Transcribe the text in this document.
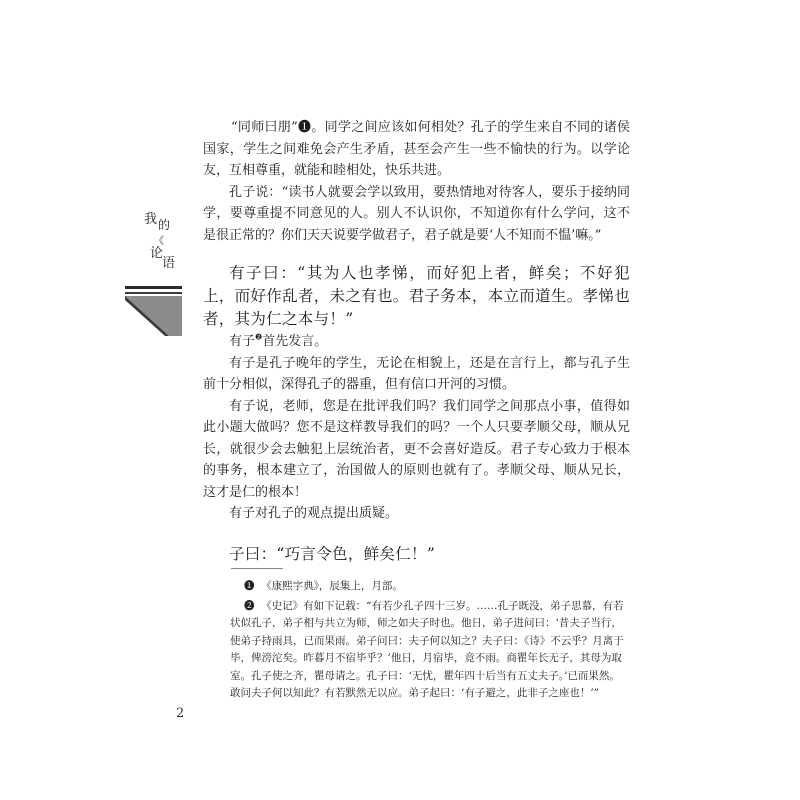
我 的
《
论
语

“同师曰朋”❶。同学之间应该如何相处？孔子的学生来自不同的诸侯国家，学生之间难免会产生矛盾，甚至会产生一些不愉快的行为。以学论友，互相尊重，就能和睦相处，快乐共进。

孔子说：“读书人就要会学以致用，要热情地对待客人，要乐于接纳同学，要尊重提不同意见的人。别人不认识你，不知道你有什么学问，这不是很正常的？你们天天说要学做君子，君子就是要‘人不知而不愠’嘛。”

有子曰：“其为人也孝悌，而好犯上者，鲜矣；不好犯上，而好作乱者，未之有也。君子务本，本立而道生。孝悌也者，其为仁之本与！”

有子$^❷$首先发言。

有子是孔子晚年的学生，无论在相貌上，还是在言行上，都与孔子生前十分相似，深得孔子的器重，但有信口开河的习惯。

有子说，老师，您是在批评我们吗？我们同学之间那点小事，值得如此小题大做吗？您不是这样教导我们的吗？一个人只要孝顺父母，顺从兄长，就很少会去触犯上层统治者，更不会喜好造反。君子专心致力于根本的事务，根本建立了，治国做人的原则也就有了。孝顺父母、顺从兄长，这才是仁的根本！

有子对孔子的观点提出质疑。

子曰：“巧言令色，鲜矣仁！”

❶ 《康熙字典》，辰集上，月部。

❷ 《史记》有如下记载：“有若少孔子四十三岁。……孔子既没，弟子思慕，有若状似孔子，弟子相与共立为师，师之如夫子时也。他日，弟子进问曰：‘昔夫子当行，使弟子持雨具，已而果雨。弟子问曰：夫子何以知之？夫子曰：《诗》不云乎？月离于毕，俾滂沱矣。昨暮月不宿毕乎？’他日，月宿毕，竟不雨。商瞿年长无子，其母为取室。孔子使之齐，瞿母请之。孔子曰：‘无忧，瞿年四十后当有五丈夫子。’已而果然。敢问夫子何以知此？有若默然无以应。弟子起曰：‘有子避之，此非子之座也！’”

2
